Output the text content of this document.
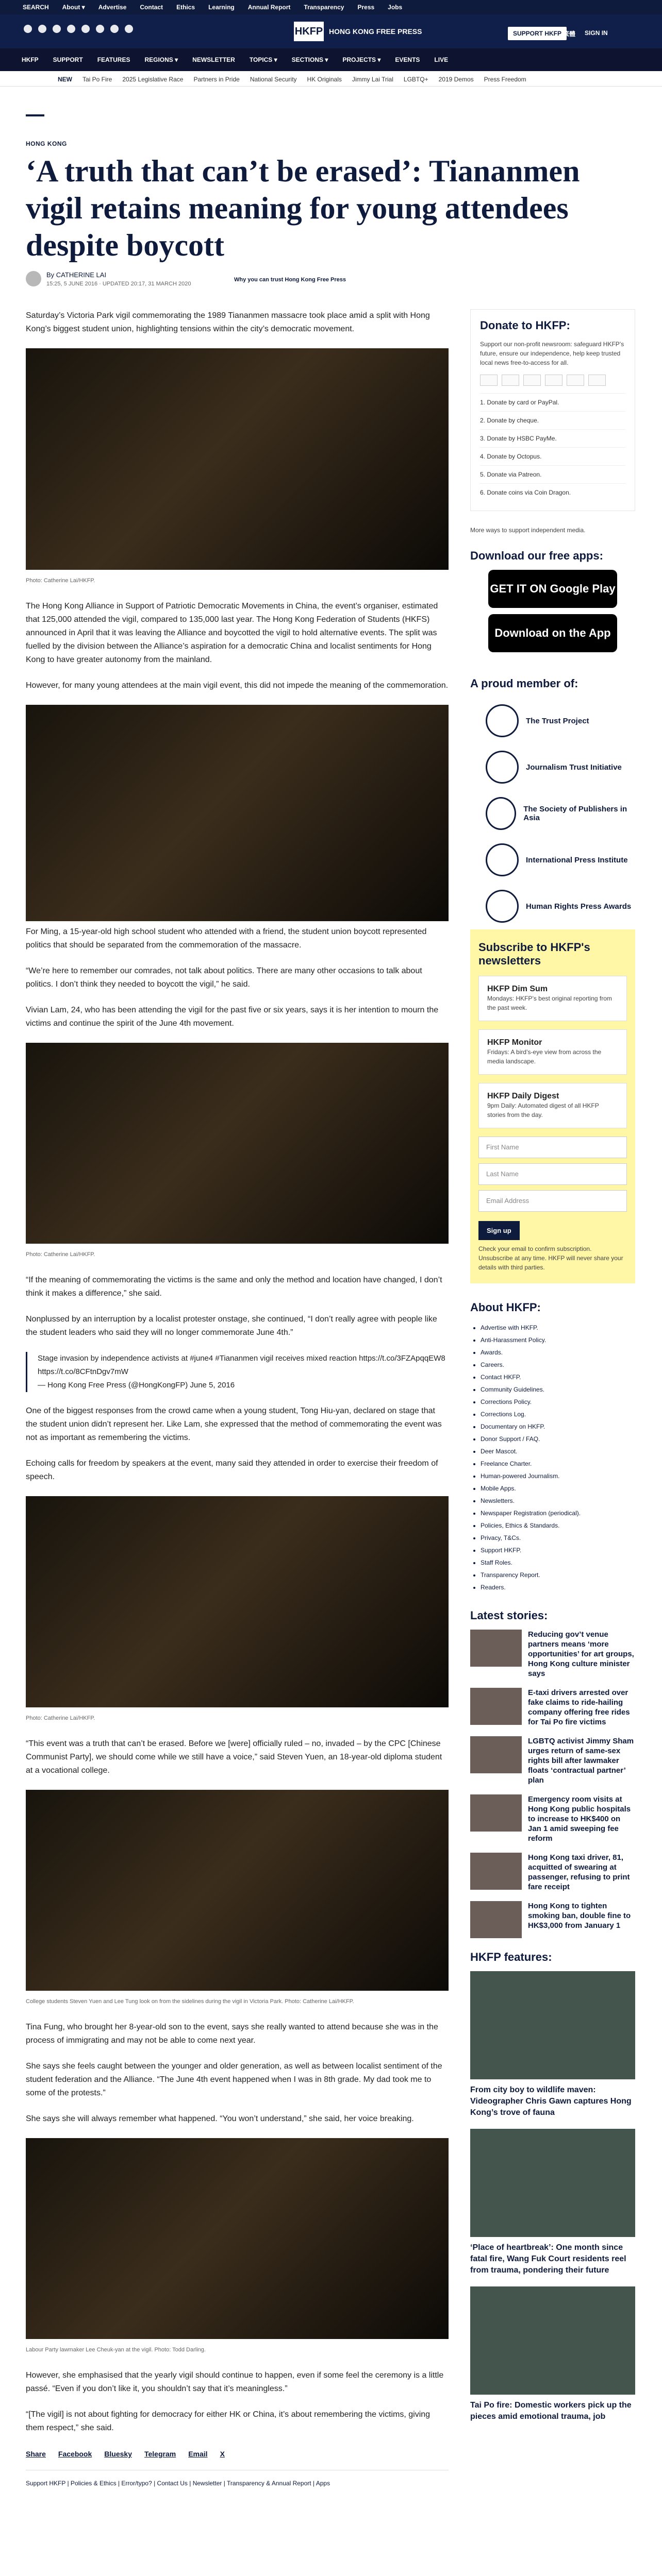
SEARCH About ▾ Advertise Contact Ethics Learning Annual Report Transparency Press Jobs
HKFP HONG KONG FREE PRESS	SUPPORT HKFP 繁體 SIGN IN
HKFP SUPPORT FEATURES REGIONS ▾ NEWSLETTER TOPICS ▾ SECTIONS ▾ PROJECTS ▾ EVENTS LIVE
NEW Tai Po Fire 2025 Legislative Race Partners in Pride National Security HK Originals Jimmy Lai Trial LGBTQ+ 2019 Demos Press Freedom
HONG KONG
‘A truth that can’t be erased’: Tiananmen vigil retains meaning for young attendees despite boycott
By CATHERINE LAI
15:25, 5 JUNE 2016 · UPDATED 20:17, 31 MARCH 2020
Why you can trust Hong Kong Free Press

Saturday’s Victoria Park vigil commemorating the 1989 Tiananmen massacre took place amid a split with Hong Kong’s biggest student union, highlighting tensions within the city’s democratic movement.

Photo: Catherine Lai/HKFP.

The Hong Kong Alliance in Support of Patriotic Democratic Movements in China, the event’s organiser, estimated that 125,000 attended the vigil, compared to 135,000 last year. The Hong Kong Federation of Students (HKFS) announced in April that it was leaving the Alliance and boycotted the vigil to hold alternative events. The split was fuelled by the division between the Alliance’s aspiration for a democratic China and localist sentiments for Hong Kong to have greater autonomy from the mainland.

However, for many young attendees at the main vigil event, this did not impede the meaning of the commemoration.

For Ming, a 15-year-old high school student who attended with a friend, the student union boycott represented politics that should be separated from the commemoration of the massacre.

“We’re here to remember our comrades, not talk about politics. There are many other occasions to talk about politics. I don’t think they needed to boycott the vigil,” he said.

Vivian Lam, 24, who has been attending the vigil for the past five or six years, says it is her intention to mourn the victims and continue the spirit of the June 4th movement.

Photo: Catherine Lai/HKFP.

“If the meaning of commemorating the victims is the same and only the method and location have changed, I don’t think it makes a difference,” she said.

Nonplussed by an interruption by a localist protester onstage, she continued, “I don’t really agree with people like the student leaders who said they will no longer commemorate June 4th.”

Stage invasion by independence activists at #june4 #Tiananmen vigil receives mixed reaction https://t.co/3FZApqqEW8 https://t.co/8CFtnDgv7mW
— Hong Kong Free Press (@HongKongFP) June 5, 2016

One of the biggest responses from the crowd came when a young student, Tong Hiu-yan, declared on stage that the student union didn’t represent her. Like Lam, she expressed that the method of commemorating the event was not as important as remembering the victims.

Echoing calls for freedom by speakers at the event, many said they attended in order to exercise their freedom of speech.

Photo: Catherine Lai/HKFP.

“This event was a truth that can’t be erased. Before we [were] officially ruled – no, invaded – by the CPC [Chinese Communist Party], we should come while we still have a voice,” said Steven Yuen, an 18-year-old diploma student at a vocational college.

College students Steven Yuen and Lee Tung look on from the sidelines during the vigil in Victoria Park. Photo: Catherine Lai/HKFP.

Tina Fung, who brought her 8-year-old son to the event, says she really wanted to attend because she was in the process of immigrating and may not be able to come next year.

She says she feels caught between the younger and older generation, as well as between localist sentiment of the student federation and the Alliance. “The June 4th event happened when I was in 8th grade. My dad took me to some of the protests.”

She says she will always remember what happened. “You won’t understand,” she said, her voice breaking.

Labour Party lawmaker Lee Cheuk-yan at the vigil. Photo: Todd Darling.

However, she emphasised that the yearly vigil should continue to happen, even if some feel the ceremony is a little passé. “Even if you don’t like it, you shouldn’t say that it’s meaningless.”

“[The vigil] is not about fighting for democracy for either HK or China, it’s about remembering the victims, giving them respect,” she said.

Share Facebook Bluesky Telegram Email X
Support HKFP | Policies & Ethics | Error/typo? | Contact Us | Newsletter | Transparency & Annual Report | Apps
Donate to HKFP:

Support our non-profit newsroom: safeguard HKFP’s future, ensure our independence, help keep trusted local news free-to-access for all.

1. Donate by card or PayPal.
2. Donate by cheque.
3. Donate by HSBC PayMe.
4. Donate by Octopus.
5. Donate via Patreon.
6. Donate coins via Coin Dragon.

More ways to support independent media.

Download our free apps:
GET IT ON Google Play
Download on the App Store
A proud member of:
The Trust Project
Journalism Trust Initiative
The Society of Publishers in Asia
International Press Institute
Human Rights Press Awards
Subscribe to HKFP's newsletters
HKFP Dim Sum
Mondays: HKFP’s best original reporting from the past week.
HKFP Monitor
Fridays: A bird’s-eye view from across the media landscape.
HKFP Daily Digest
9pm Daily: Automated digest of all HKFP stories from the day.
First Name
Last Name
Email Address
Sign up

Check your email to confirm subscription. Unsubscribe at any time. HKFP will never share your details with third parties.

About HKFP:
• Advertise with HKFP.
• Anti-Harassment Policy.
• Awards.
• Careers.
• Contact HKFP.
• Community Guidelines.
• Corrections Policy.
• Corrections Log.
• Documentary on HKFP.
• Donor Support / FAQ.
• Deer Mascot.
• Freelance Charter.
• Human-powered Journalism.
• Mobile Apps.
• Newsletters.
• Newspaper Registration (periodical).
• Policies, Ethics & Standards.
• Privacy, T&Cs.
• Support HKFP.
• Staff Roles.
• Transparency Report.
• Readers.
Latest stories:
Reducing gov’t venue partners means ‘more opportunities’ for art groups, Hong Kong culture minister says
E-taxi drivers arrested over fake claims to ride-hailing company offering free rides for Tai Po fire victims
LGBTQ activist Jimmy Sham urges return of same-sex rights bill after lawmaker floats ‘contractual partner’ plan
Emergency room visits at Hong Kong public hospitals to increase to HK$400 on Jan 1 amid sweeping fee reform
Hong Kong taxi driver, 81, acquitted of swearing at passenger, refusing to print fare receipt
Hong Kong to tighten smoking ban, double fine to HK$3,000 from January 1
HKFP features:
From city boy to wildlife maven: Videographer Chris Gawn captures Hong Kong’s trove of fauna
‘Place of heartbreak’: One month since fatal fire, Wang Fuk Court residents reel from trauma, pondering their future
Tai Po fire: Domestic workers pick up the pieces amid emotional trauma, job
